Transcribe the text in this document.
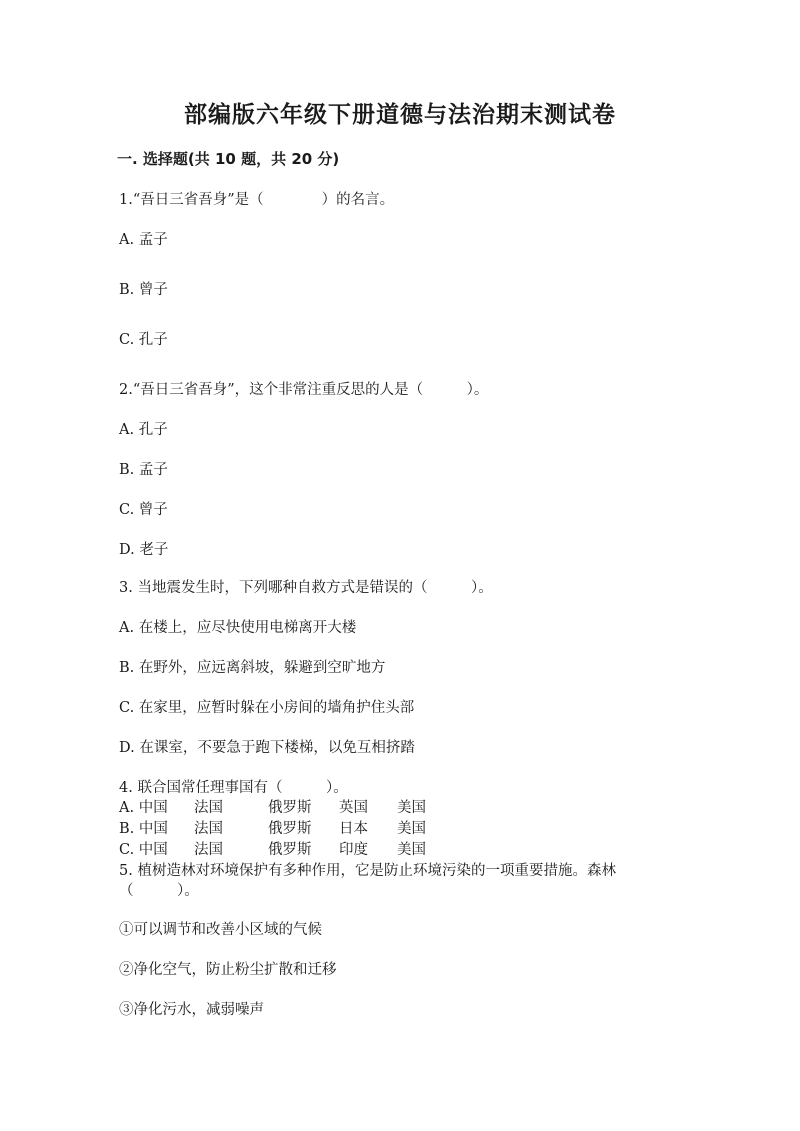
部编版六年级下册道德与法治期末测试卷
一. 选择题(共 10 题，共 20 分)
1.“吾日三省吾身”是（　　　　）的名言。
A. 孟子
B. 曾子
C. 孔子
2.“吾日三省吾身”，这个非常注重反思的人是（　　　）。
A. 孔子
B. 孟子
C. 曾子
D. 老子
3. 当地震发生时，下列哪种自救方式是错误的（　　　）。
A. 在楼上，应尽快使用电梯离开大楼
B. 在野外，应远离斜坡，躲避到空旷地方
C. 在家里，应暂时躲在小房间的墙角护住头部
D. 在课室，不要急于跑下楼梯，以免互相挤踏
4. 联合国常任理事国有（　　　）。
A. 中国 法国	俄罗斯 英国 美国
B. 中国 法国	俄罗斯 日本 美国
C. 中国 法国	俄罗斯 印度 美国
5. 植树造林对环境保护有多种作用，它是防止环境污染的一项重要措施。森林
（　　　）。
①可以调节和改善小区域的气候
②净化空气，防止粉尘扩散和迁移
③净化污水，减弱噪声
